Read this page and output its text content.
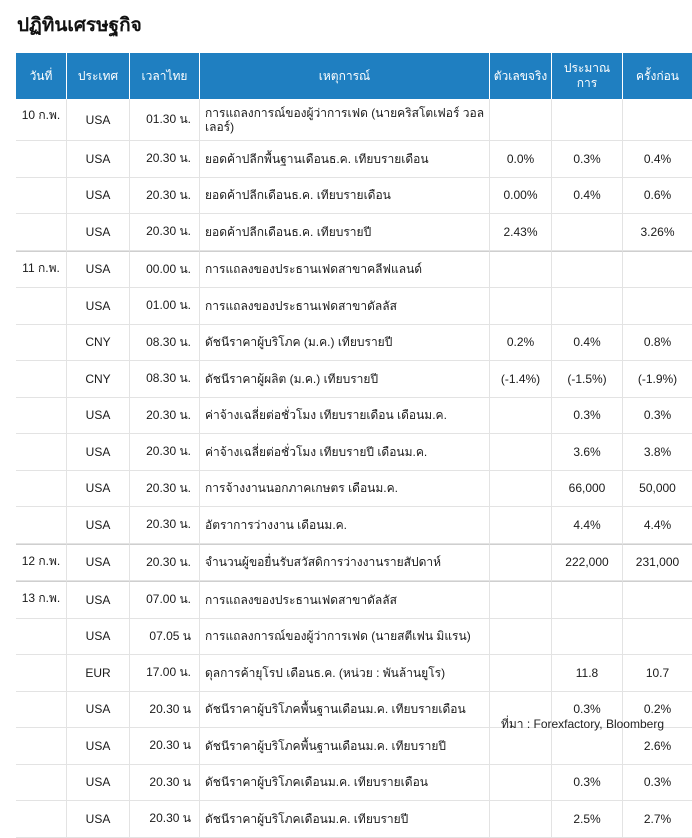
ปฏิทินเศรษฐกิจ
วันที่	ประเทศ	เวลาไทย	เหตุการณ์	ตัวเลขจริง	ประมาณการ	ครั้งก่อน
10 ก.พ.	USA	01.30 น.	การแถลงการณ์ของผู้ว่าการเฟด (นายคริสโตเฟอร์ วอลเลอร์)			
	USA	20.30 น.	ยอดค้าปลีกพื้นฐานเดือนธ.ค. เทียบรายเดือน	0.0%	0.3%	0.4%
	USA	20.30 น.	ยอดค้าปลีกเดือนธ.ค. เทียบรายเดือน	0.00%	0.4%	0.6%
	USA	20.30 น.	ยอดค้าปลีกเดือนธ.ค. เทียบรายปี	2.43%		3.26%
11 ก.พ.	USA	00.00 น.	การแถลงของประธานเฟดสาขาคลีฟแลนด์			
	USA	01.00 น.	การแถลงของประธานเฟดสาขาดัลลัส			
	CNY	08.30 น.	ดัชนีราคาผู้บริโภค (ม.ค.) เทียบรายปี	0.2%	0.4%	0.8%
	CNY	08.30 น.	ดัชนีราคาผู้ผลิต (ม.ค.) เทียบรายปี	(-1.4%)	(-1.5%)	(-1.9%)
	USA	20.30 น.	ค่าจ้างเฉลี่ยต่อชั่วโมง เทียบรายเดือน เดือนม.ค.		0.3%	0.3%
	USA	20.30 น.	ค่าจ้างเฉลี่ยต่อชั่วโมง เทียบรายปี เดือนม.ค.		3.6%	3.8%
	USA	20.30 น.	การจ้างงานนอกภาคเกษตร เดือนม.ค.		66,000	50,000
	USA	20.30 น.	อัตราการว่างงาน เดือนม.ค.		4.4%	4.4%
12 ก.พ.	USA	20.30 น.	จำนวนผู้ขอยื่นรับสวัสดิการว่างงานรายสัปดาห์		222,000	231,000
13 ก.พ.	USA	07.00 น.	การแถลงของประธานเฟดสาขาดัลลัส			
	USA	07.05 น	การแถลงการณ์ของผู้ว่าการเฟด (นายสตีเฟน มิแรน)			
	EUR	17.00 น.	ดุลการค้ายุโรป เดือนธ.ค. (หน่วย : พันล้านยูโร)		11.8	10.7
	USA	20.30 น	ดัชนีราคาผู้บริโภคพื้นฐานเดือนม.ค. เทียบรายเดือน		0.3%	0.2%
	USA	20.30 น	ดัชนีราคาผู้บริโภคพื้นฐานเดือนม.ค. เทียบรายปี			2.6%
	USA	20.30 น	ดัชนีราคาผู้บริโภคเดือนม.ค. เทียบรายเดือน		0.3%	0.3%
	USA	20.30 น	ดัชนีราคาผู้บริโภคเดือนม.ค. เทียบรายปี		2.5%	2.7%
ที่มา : Forexfactory, Bloomberg
